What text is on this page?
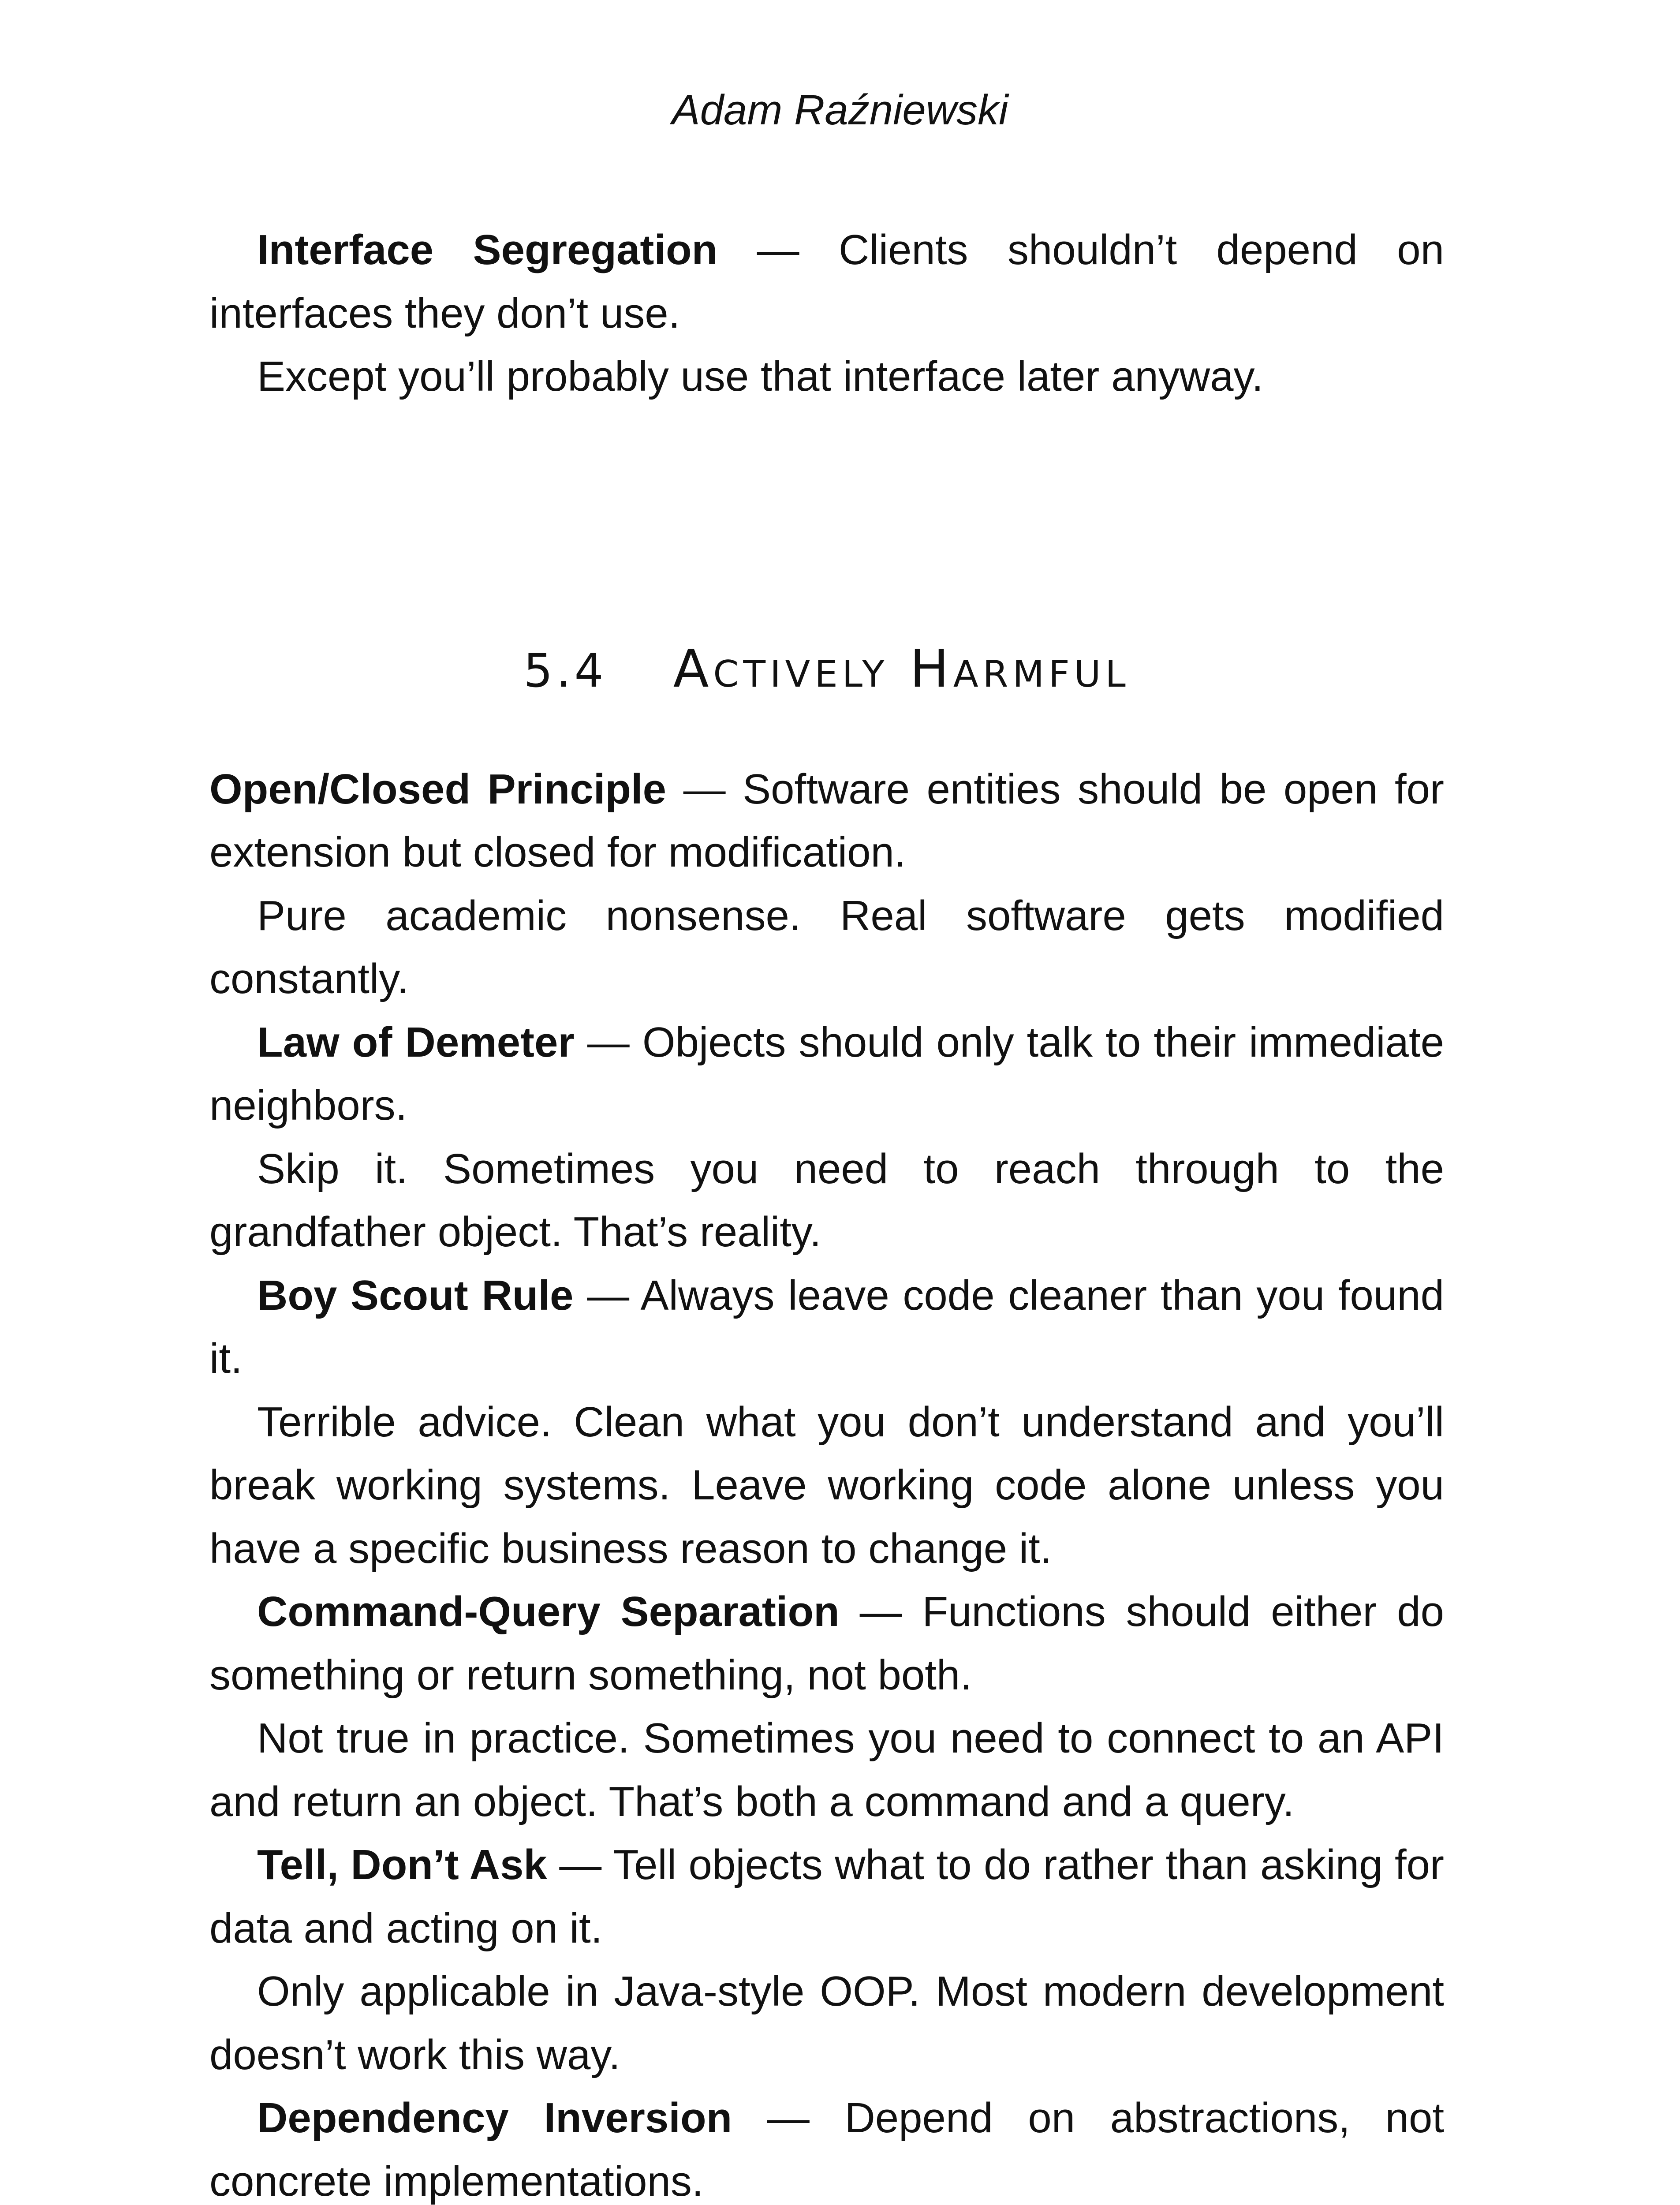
Adam Raźniewski

Interface Segregation — Clients shouldn’t depend on interfaces they don’t use.

Except you’ll probably use that interface later anyway.

5.4 Actively Harmful

Open/Closed Principle — Software entities should be open for extension but closed for modification.

Pure academic nonsense. Real software gets modified constantly.

Law of Demeter — Objects should only talk to their immediate neighbors.

Skip it. Sometimes you need to reach through to the grandfather object. That’s reality.

Boy Scout Rule — Always leave code cleaner than you found it.

Terrible advice. Clean what you don’t understand and you’ll break working systems. Leave working code alone unless you have a specific business reason to change it.

Command-Query Separation — Functions should either do something or return something, not both.

Not true in practice. Sometimes you need to connect to an API and return an object. That’s both a command and a query.

Tell, Don’t Ask — Tell objects what to do rather than asking for data and acting on it.

Only applicable in Java-style OOP. Most modern development doesn’t work this way.

Dependency Inversion — Depend on abstractions, not concrete implementations.
